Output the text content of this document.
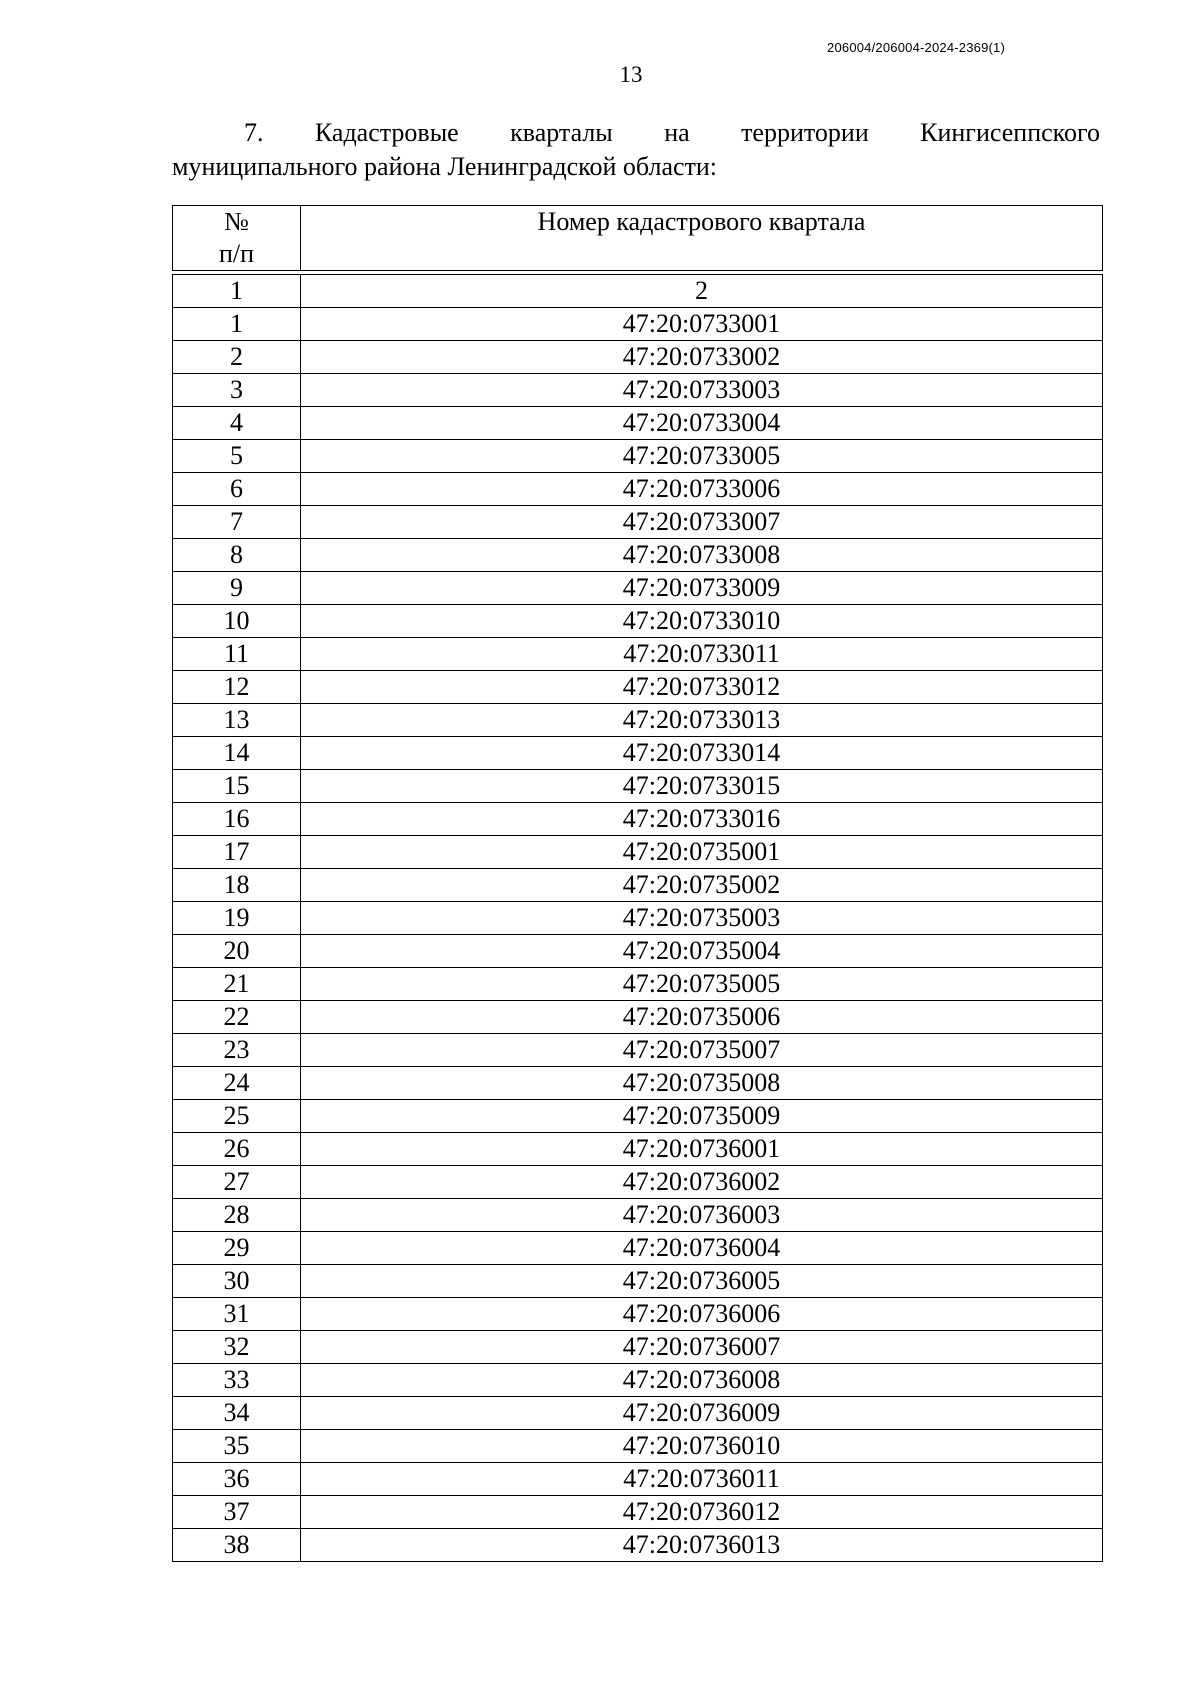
206004/206004-2024-2369(1)
13
7. Кадастровые кварталы на территории Кингисеппского
муниципального района Ленинградской области:
№
п/п	Номер кадастрового квартала

1	2
1	47:20:0733001
2	47:20:0733002
3	47:20:0733003
4	47:20:0733004
5	47:20:0733005
6	47:20:0733006
7	47:20:0733007
8	47:20:0733008
9	47:20:0733009
10	47:20:0733010
11	47:20:0733011
12	47:20:0733012
13	47:20:0733013
14	47:20:0733014
15	47:20:0733015
16	47:20:0733016
17	47:20:0735001
18	47:20:0735002
19	47:20:0735003
20	47:20:0735004
21	47:20:0735005
22	47:20:0735006
23	47:20:0735007
24	47:20:0735008
25	47:20:0735009
26	47:20:0736001
27	47:20:0736002
28	47:20:0736003
29	47:20:0736004
30	47:20:0736005
31	47:20:0736006
32	47:20:0736007
33	47:20:0736008
34	47:20:0736009
35	47:20:0736010
36	47:20:0736011
37	47:20:0736012
38	47:20:0736013
